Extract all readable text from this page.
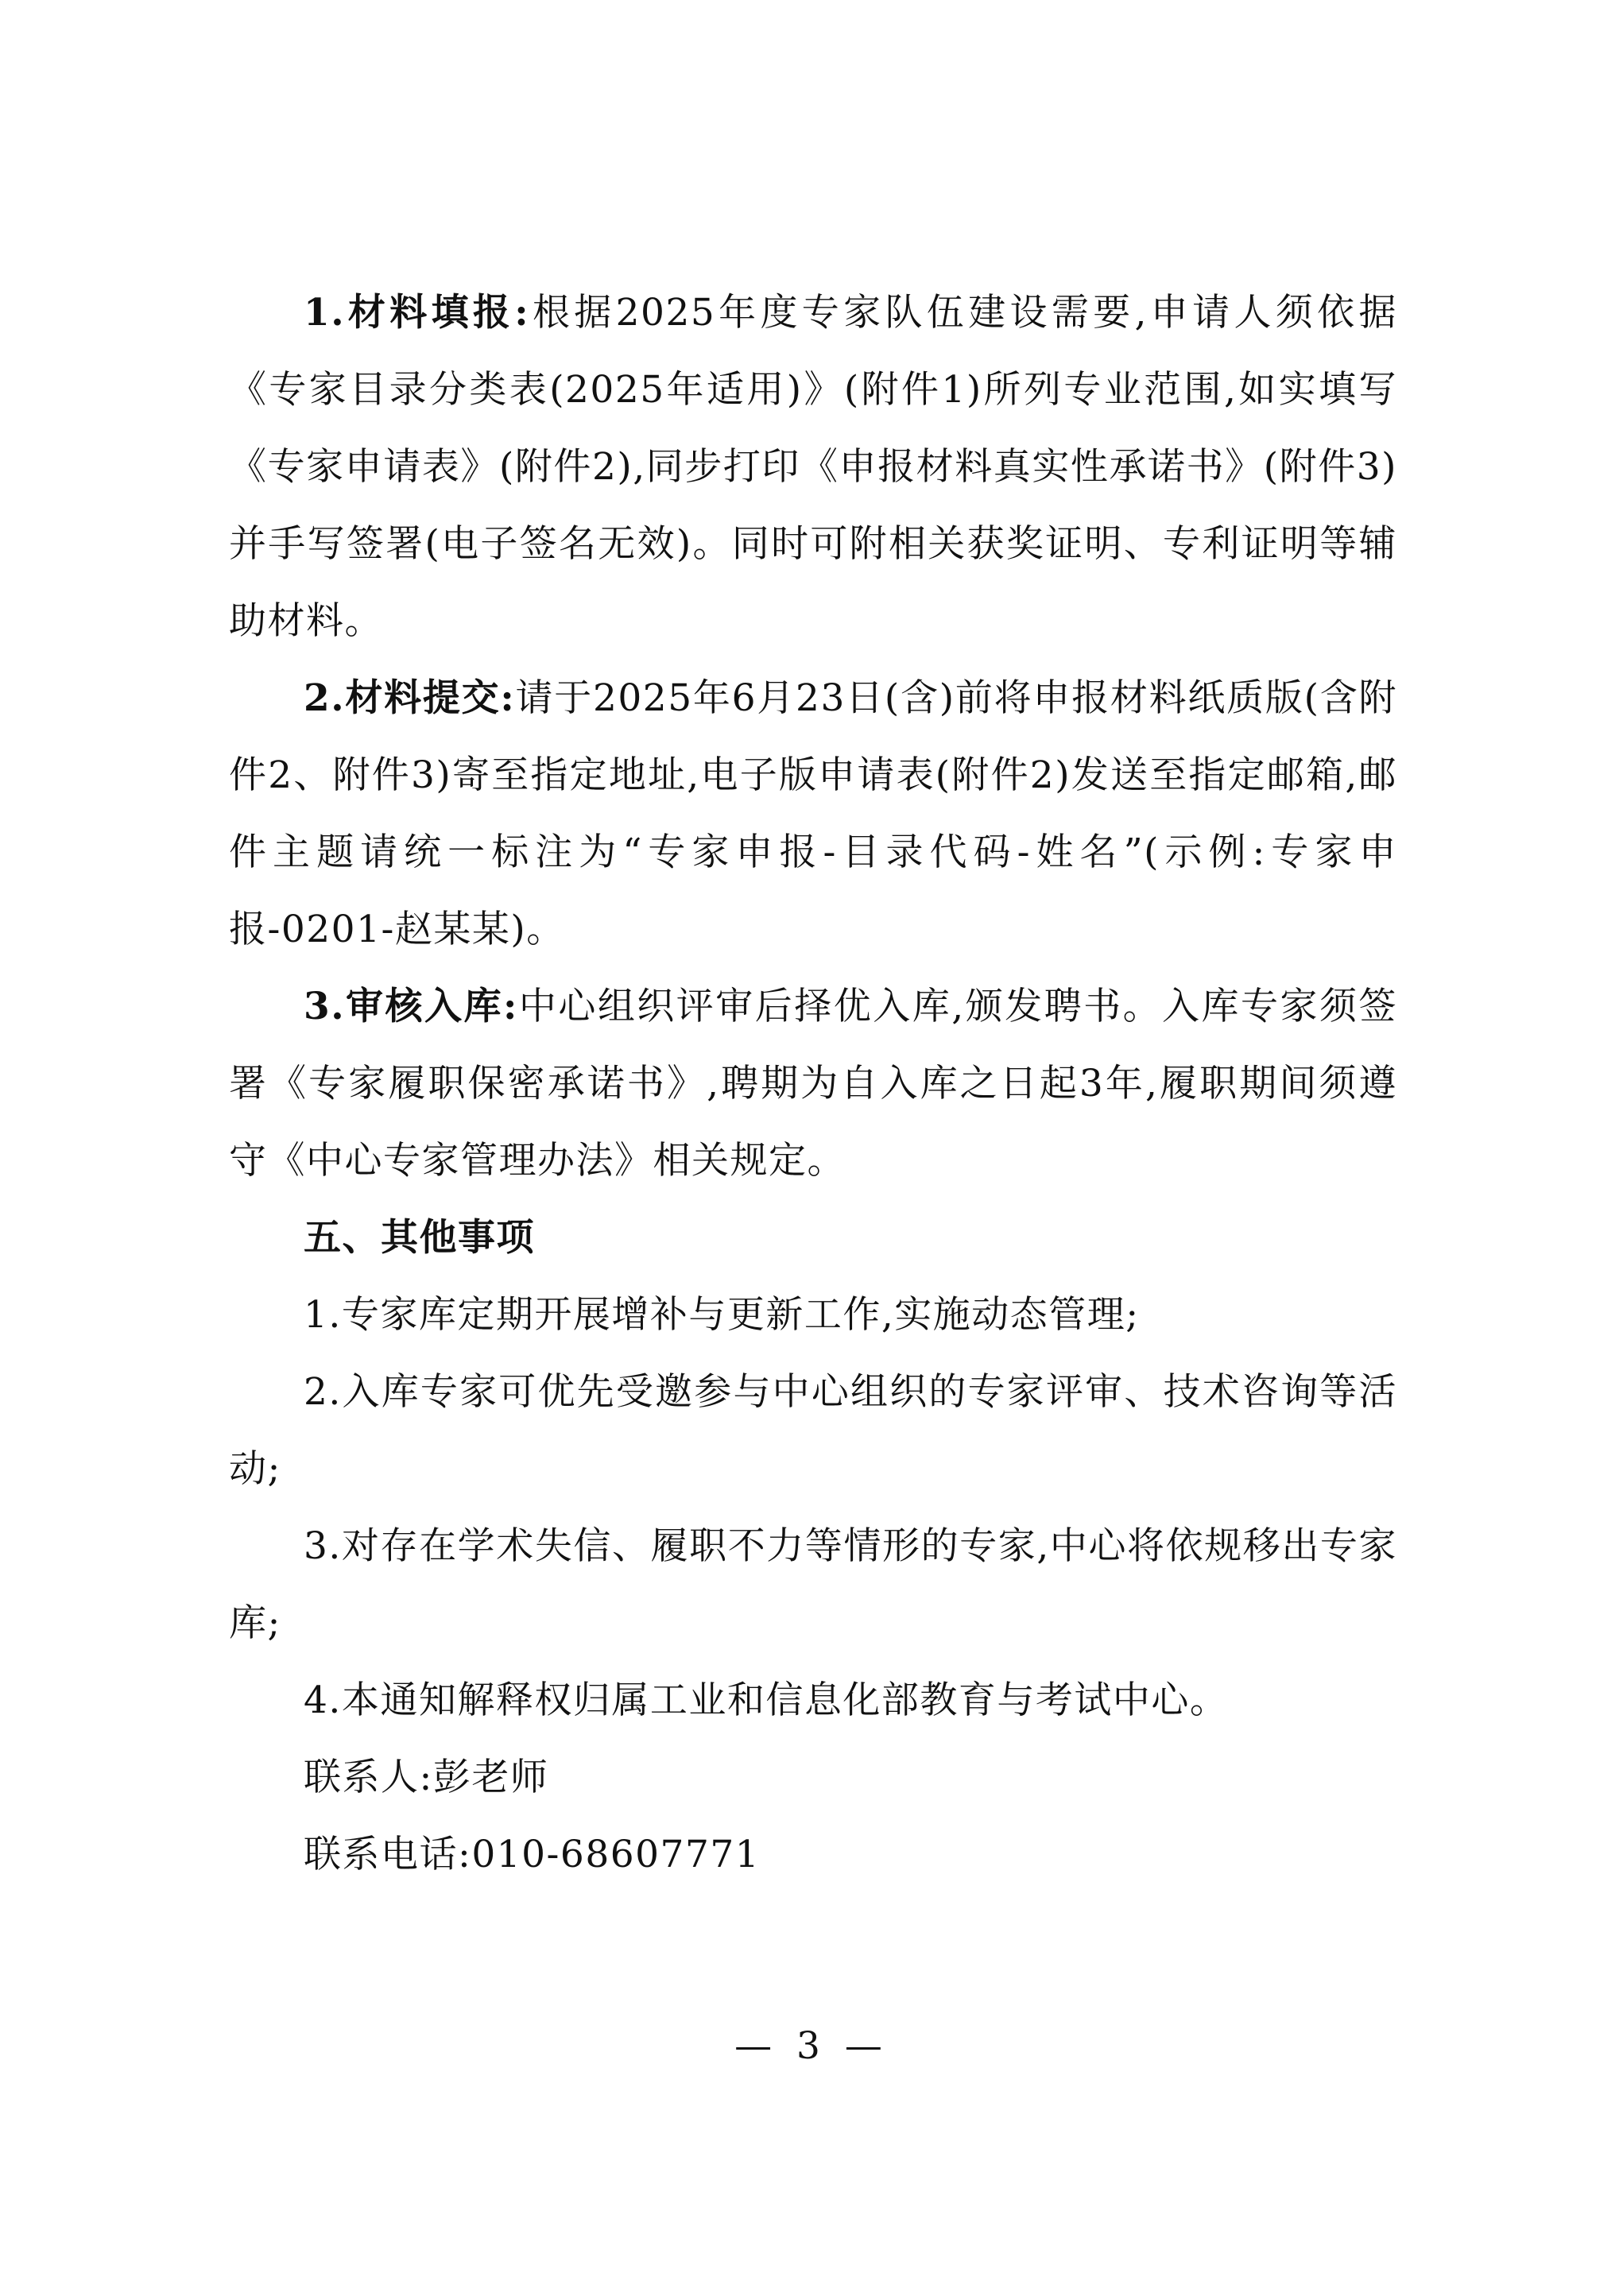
1.材料填报:根据2025年度专家队伍建设需要,申请人须依据《专家目录分类表(2025年适用)》(附件1)所列专业范围,如实填写《专家申请表》(附件2),同步打印《申报材料真实性承诺书》(附件3)并手写签署(电子签名无效)。同时可附相关获奖证明、专利证明等辅助材料。

2.材料提交:请于2025年6月23日(含)前将申报材料纸质版(含附件2、附件3)寄至指定地址,电子版申请表(附件2)发送至指定邮箱,邮件主题请统一标注为“专家申报-目录代码-姓名”(示例:专家申报-0201-赵某某)。

3.审核入库:中心组织评审后择优入库,颁发聘书。入库专家须签署《专家履职保密承诺书》,聘期为自入库之日起3年,履职期间须遵守《中心专家管理办法》相关规定。

五、其他事项

1.专家库定期开展增补与更新工作,实施动态管理;

2.入库专家可优先受邀参与中心组织的专家评审、技术咨询等活动;

3.对存在学术失信、履职不力等情形的专家,中心将依规移出专家库;

4.本通知解释权归属工业和信息化部教育与考试中心。

联系人:彭老师

联系电话:010-68607771

— 3 —
